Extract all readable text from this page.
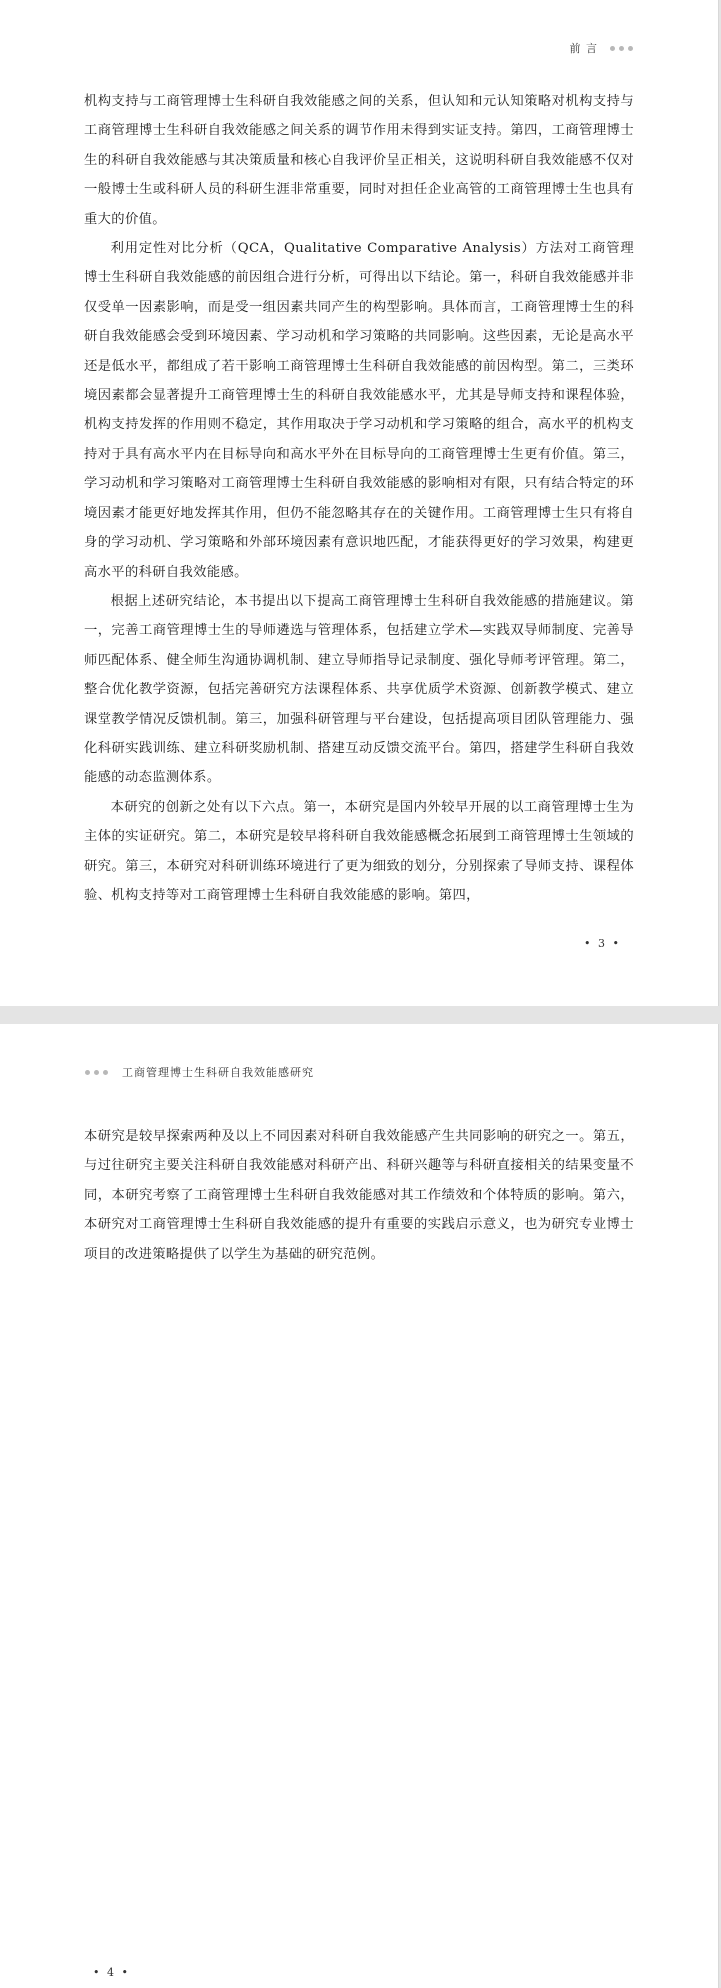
前 言

机构支持与工商管理博士生科研自我效能感之间的关系，但认知和元认知策略对机构支持与工商管理博士生科研自我效能感之间关系的调节作用未得到实证支持。第四，工商管理博士生的科研自我效能感与其决策质量和核心自我评价呈正相关，这说明科研自我效能感不仅对一般博士生或科研人员的科研生涯非常重要，同时对担任企业高管的工商管理博士生也具有重大的价值。

利用定性对比分析（QCA，Qualitative Comparative Analysis）方法对工商管理博士生科研自我效能感的前因组合进行分析，可得出以下结论。第一，科研自我效能感并非仅受单一因素影响，而是受一组因素共同产生的构型影响。具体而言，工商管理博士生的科研自我效能感会受到环境因素、学习动机和学习策略的共同影响。这些因素，无论是高水平还是低水平，都组成了若干影响工商管理博士生科研自我效能感的前因构型。第二，三类环境因素都会显著提升工商管理博士生的科研自我效能感水平，尤其是导师支持和课程体验，机构支持发挥的作用则不稳定，其作用取决于学习动机和学习策略的组合，高水平的机构支持对于具有高水平内在目标导向和高水平外在目标导向的工商管理博士生更有价值。第三，学习动机和学习策略对工商管理博士生科研自我效能感的影响相对有限，只有结合特定的环境因素才能更好地发挥其作用，但仍不能忽略其存在的关键作用。工商管理博士生只有将自身的学习动机、学习策略和外部环境因素有意识地匹配，才能获得更好的学习效果，构建更高水平的科研自我效能感。

根据上述研究结论，本书提出以下提高工商管理博士生科研自我效能感的措施建议。第一，完善工商管理博士生的导师遴选与管理体系，包括建立学术—实践双导师制度、完善导师匹配体系、健全师生沟通协调机制、建立导师指导记录制度、强化导师考评管理。第二，整合优化教学资源，包括完善研究方法课程体系、共享优质学术资源、创新教学模式、建立课堂教学情况反馈机制。第三，加强科研管理与平台建设，包括提高项目团队管理能力、强化科研实践训练、建立科研奖励机制、搭建互动反馈交流平台。第四，搭建学生科研自我效能感的动态监测体系。

本研究的创新之处有以下六点。第一，本研究是国内外较早开展的以工商管理博士生为主体的实证研究。第二，本研究是较早将科研自我效能感概念拓展到工商管理博士生领域的研究。第三，本研究对科研训练环境进行了更为细致的划分，分别探索了导师支持、课程体验、机构支持等对工商管理博士生科研自我效能感的影响。第四，

• 3 •
工商管理博士生科研自我效能感研究

本研究是较早探索两种及以上不同因素对科研自我效能感产生共同影响的研究之一。第五，与过往研究主要关注科研自我效能感对科研产出、科研兴趣等与科研直接相关的结果变量不同，本研究考察了工商管理博士生科研自我效能感对其工作绩效和个体特质的影响。第六，本研究对工商管理博士生科研自我效能感的提升有重要的实践启示意义，也为研究专业博士项目的改进策略提供了以学生为基础的研究范例。

• 4 •
